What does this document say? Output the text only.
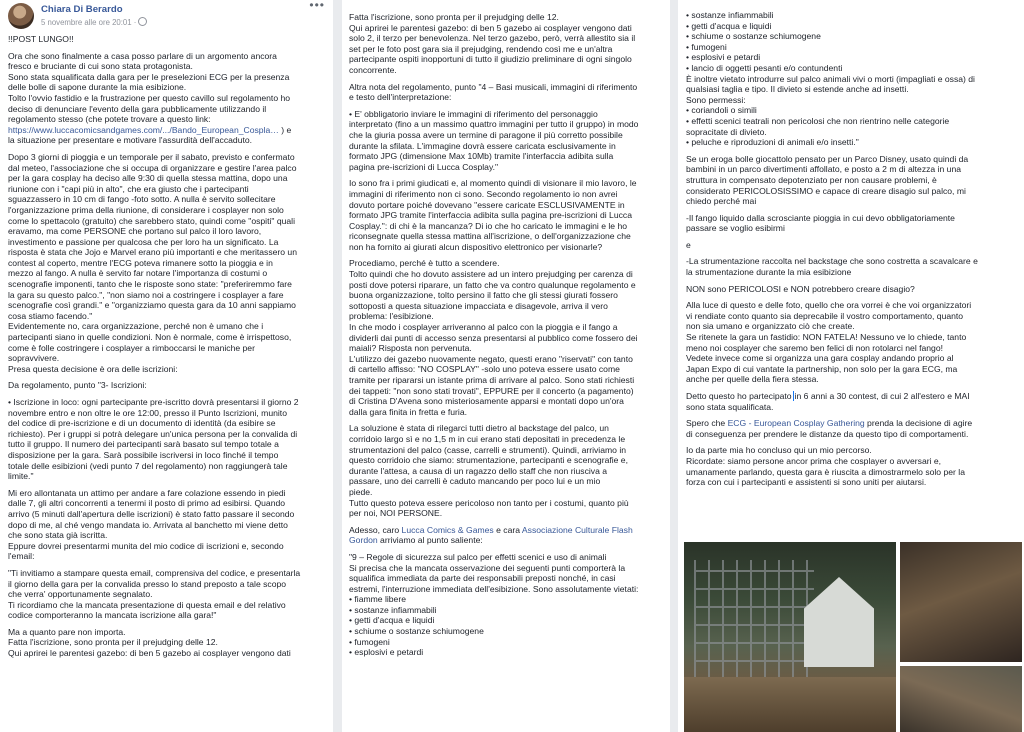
Chiara Di Berardo
5 novembre alle ore 20:01 ·
•••

!!POST LUNGO!!

Ora che sono finalmente a casa posso parlare di un argomento ancora
fresco e bruciante di cui sono stata protagonista.
Sono stata squalificata dalla gara per le preselezioni ECG per la presenza
delle bolle di sapone durante la mia esibizione.
Tolto l'ovvio fastidio e la frustrazione per questo cavillo sul regolamento ho
deciso di denunciare l'evento della gara pubblicamente utilizzando il
regolamento stesso (che potete trovare a questo link:
https://www.luccacomicsandgames.com/.../Bando_European_Cospla… ) e
la situazione per presentare e motivare l'assurdità dell'accaduto.

Dopo 3 giorni di pioggia e un temporale per il sabato, previsto e confermato
dal meteo, l'associazione che si occupa di organizzare e gestire l'area palco
per la gara cosplay ha deciso alle 9:30 di quella stessa mattina, dopo una
riunione con i "capi più in alto", che era giusto che i partecipanti
sguazzassero in 10 cm di fango -foto sotto. A nulla è servito sollecitare
l'organizzazione prima della riunione, di considerare i cosplayer non solo
come lo spettacolo (gratuito) che sarebbero stato, quindi come "ospiti" quali
eravamo, ma come PERSONE che portano sul palco il loro lavoro,
investimento e passione per qualcosa che per loro ha un significato. La
risposta è stata che Jojo e Marvel erano più importanti e che meritassero un
contest al coperto, mentre l'ECG poteva rimanere sotto la pioggia e in
mezzo al fango. A nulla è servito far notare l'importanza di costumi o
scenografie imponenti, tanto che le risposte sono state: "preferiremmo fare
la gara su questo palco.", "non siamo noi a costringere i cosplayer a fare
scenografie così grandi." e "organizziamo questa gara da 10 anni sappiamo
cosa stiamo facendo."
Evidentemente no, cara organizzazione, perché non è umano che i
partecipanti siano in quelle condizioni. Non è normale, come è irrispettoso,
come è folle costringere i cosplayer a rimboccarsi le maniche per
sopravvivere.
Presa questa decisione è ora delle iscrizioni:

Da regolamento, punto "3- Iscrizioni:

• Iscrizione in loco: ogni partecipante pre-iscritto dovrà presentarsi il giorno 2
novembre entro e non oltre le ore 12:00, presso il Punto Iscrizioni, munito
del codice di pre-iscrizione e di un documento di identità (da esibire se
richiesto). Per i gruppi si potrà delegare un'unica persona per la convalida di
tutto il gruppo. Il numero dei partecipanti sarà basato sul tempo totale a
disposizione per la gara. Sarà possibile iscriversi in loco finché il tempo
totale delle esibizioni (vedi punto 7 del regolamento) non raggiungerà tale
limite."

Mi ero allontanata un attimo per andare a fare colazione essendo in piedi
dalle 7, gli altri concorrenti a tenermi il posto di primo ad esibirsi. Quando
arrivo (5 minuti dall'apertura delle iscrizioni) è stato fatto passare il secondo
dopo di me, al ché vengo mandata io. Arrivata al banchetto mi viene detto
che sono stata già iscritta.
Eppure dovrei presentarmi munita del mio codice di iscrizioni e, secondo
l'email:

"Ti invitiamo a stampare questa email, comprensiva del codice, e presentarla
il giorno della gara per la convalida presso lo stand preposto a tale scopo
che verra' opportunamente segnalato.
Ti ricordiamo che la mancata presentazione di questa email e del relativo
codice comporteranno la mancata iscrizione alla gara!"

Ma a quanto pare non importa.
Fatta l'iscrizione, sono pronta per il prejudging delle 12.
Qui aprirei le parentesi gazebo: di ben 5 gazebo ai cosplayer vengono dati

Fatta l'iscrizione, sono pronta per il prejudging delle 12.
Qui aprirei le parentesi gazebo: di ben 5 gazebo ai cosplayer vengono dati
solo 2, il terzo per benevolenza. Nel terzo gazebo, però, verrà allestito sia il
set per le foto post gara sia il prejudging, rendendo così me e un'altra
partecipante ospiti inopportuni di tutto il giudizio preliminare di ogni singolo
concorrente.

Altra nota del regolamento, punto "4 – Basi musicali, immagini di riferimento
e testo dell'interpretazione:

• E' obbligatorio inviare le immagini di riferimento del personaggio
interpretato (fino a un massimo quattro immagini per tutto il gruppo) in modo
che la giuria possa avere un termine di paragone il più corretto possibile
durante la sfilata. L'immagine dovrà essere caricata esclusivamente in
formato JPG (dimensione Max 10Mb) tramite l'interfaccia adibita sulla
pagina pre-iscrizioni di Lucca Cosplay."

Io sono fra i primi giudicati e, al momento quindi di visionare il mio lavoro, le
immagini di riferimento non ci sono. Secondo regolamento io non avrei
dovuto portare poiché dovevano "essere caricate ESCLUSIVAMENTE in
formato JPG tramite l'interfaccia adibita sulla pagina pre-iscrizioni di Lucca
Cosplay.": di chi è la mancanza? Di io che ho caricato le immagini e le ho
riconsegnate quella stessa mattina all'iscrizione, o dell'organizzazione che
non ha fornito ai giurati alcun dispositivo elettronico per visionarle?

Procediamo, perché è tutto a scendere.
Tolto quindi che ho dovuto assistere ad un intero prejudging per carenza di
posti dove potersi riparare, un fatto che va contro qualunque regolamento e
buona organizzazione, tolto persino il fatto che gli stessi giurati fossero
sottoposti a questa situazione impacciata e disagevole, arriva il vero
problema: l'esibizione.
In che modo i cosplayer arriveranno al palco con la pioggia e il fango a
dividerli dai punti di accesso senza presentarsi al pubblico come fossero dei
maiali? Risposta non pervenuta.
L'utilizzo dei gazebo nuovamente negato, questi erano "riservati" con tanto
di cartello affisso: "NO COSPLAY" -solo uno poteva essere usato come
tramite per ripararsi un istante prima di arrivare al palco. Sono stati richiesti
dei tappeti: "non sono stati trovati", EPPURE per il concerto (a pagamento)
di Cristina D'Avena sono misteriosamente apparsi e montati dopo un'ora
dalla gara finita in fretta e furia.

La soluzione è stata di rilegarci tutti dietro al backstage del palco, un
corridoio largo sì e no 1,5 m in cui erano stati depositati in precedenza le
strumentazioni del palco (casse, carrelli e strumenti). Quindi, arriviamo in
questo corridoio che siamo: strumentazione, partecipanti e scenografie e,
durante l'attesa, a causa di un ragazzo dello staff che non riusciva a
passare, uno dei carrelli è caduto mancando per poco lui e un mio
piede.
Tutto questo poteva essere pericoloso non tanto per i costumi, quanto più
per noi, NOI PERSONE.

Adesso, caro Lucca Comics & Games e cara Associazione Culturale Flash
Gordon arriviamo al punto saliente:

"9 – Regole di sicurezza sul palco per effetti scenici e uso di animali
Si precisa che la mancata osservazione dei seguenti punti comporterà la
squalifica immediata da parte dei responsabili preposti nonché, in casi
estremi, l'interruzione immediata dell'esibizione. Sono assolutamente vietati:
• fiamme libere
• sostanze infiammabili
• getti d'acqua e liquidi
• schiume o sostanze schiumogene
• fumogeni
• esplosivi e petardi

• sostanze infiammabili
• getti d'acqua e liquidi
• schiume o sostanze schiumogene
• fumogeni
• esplosivi e petardi
• lancio di oggetti pesanti e/o contundenti
È inoltre vietato introdurre sul palco animali vivi o morti (impagliati e ossa) di
qualsiasi taglia e tipo. Il divieto si estende anche ad insetti.
Sono permessi:
• coriandoli o simili
• effetti scenici teatrali non pericolosi che non rientrino nelle categorie
sopracitate di divieto.
• peluche e riproduzioni di animali e/o insetti."

Se un eroga bolle giocattolo pensato per un Parco Disney, usato quindi da
bambini in un parco divertimenti affollato, e posto a 2 m di altezza in una
struttura in compensato depotenziato per non causare problemi, è
considerato PERICOLOSISSIMO e capace di creare disagio sul palco, mi
chiedo perché mai

-Il fango liquido dalla scrosciante pioggia in cui devo obbligatoriamente
passare se voglio esibirmi

e

-La strumentazione raccolta nel backstage che sono costretta a scavalcare e
la strumentazione durante la mia esibizione

NON sono PERICOLOSI e NON potrebbero creare disagio?

Alla luce di questo e delle foto, quello che ora vorrei è che voi organizzatori
vi rendiate conto quanto sia deprecabile il vostro comportamento, quanto
non sia umano e organizzato ciò che create.
Se ritenete la gara un fastidio: NON FATELA! Nessuno ve lo chiede, tanto
meno noi cosplayer che saremo ben felici di non rotolarci nel fango!
Vedete invece come si organizza una gara cosplay andando proprio al
Japan Expo di cui vantate la partnership, non solo per la gara ECG, ma
anche per quelle della fiera stessa.

Detto questo ho partecipato in 6 anni a 30 contest, di cui 2 all'estero e MAI
sono stata squalificata.

Spero che ECG - European Cosplay Gathering prenda la decisione di agire
di conseguenza per prendere le distanze da questo tipo di comportamenti.

Io da parte mia ho concluso qui un mio percorso.
Ricordate: siamo persone ancor prima che cosplayer o avversari e,
umanamente parlando, questa gara è riuscita a dimostrarmelo solo per la
forza con cui i partecipanti e assistenti si sono uniti per aiutarsi.
